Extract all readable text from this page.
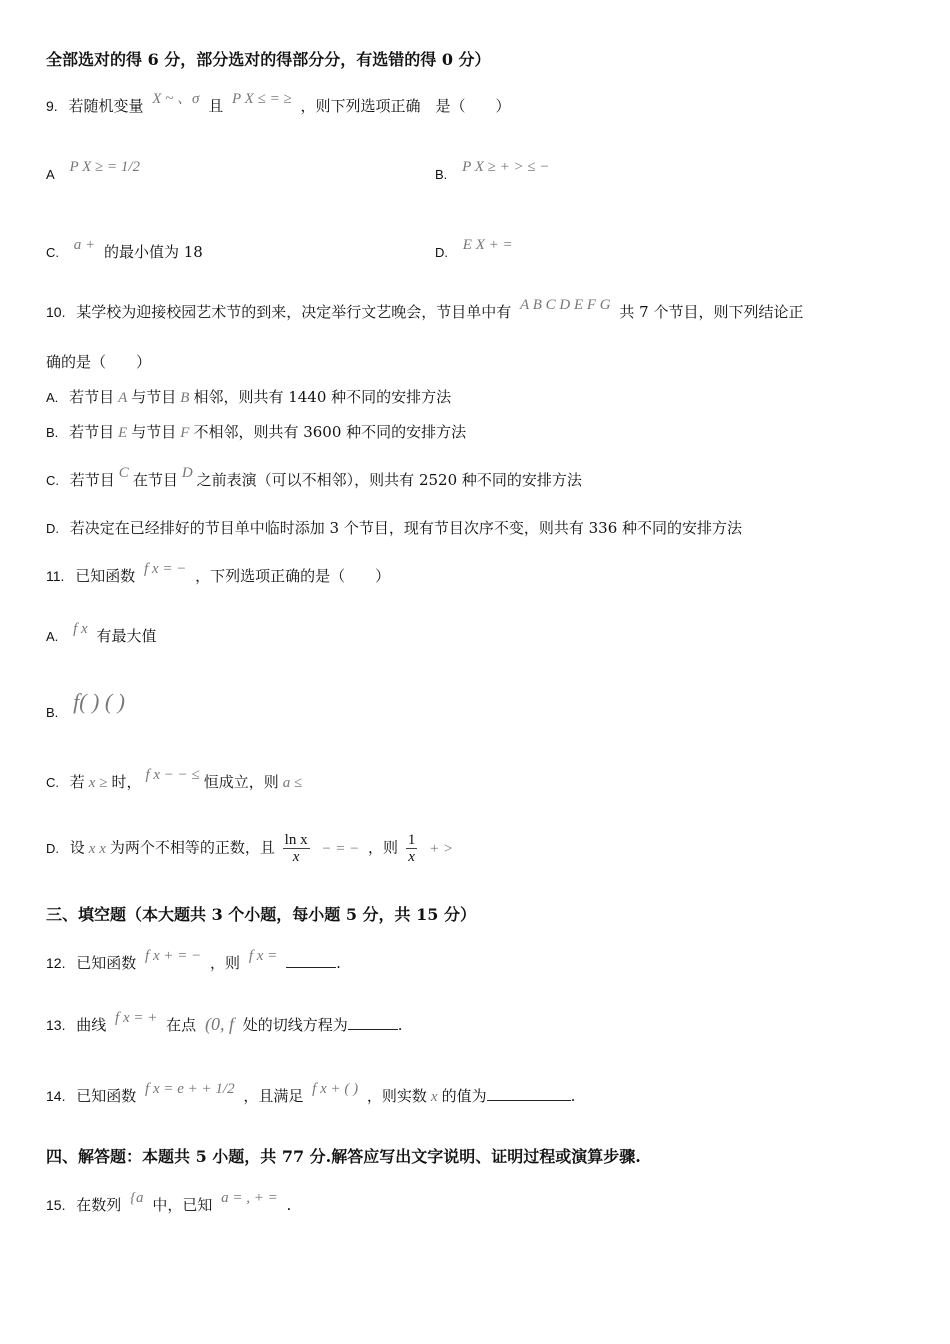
全部选对的得 6 分，部分选对的得部分分，有选错的得 0 分）
9. 若随机变量 X ~ 、σ 且 P X ≤ = ≥ ，则下列选项正确　是（　　）
A P X ≥ = 1/2	B. P X ≥ + > ≤ −
C. a + 的最小值为 18	D. E X + =
10. 某学校为迎接校园艺术节的到来，决定举行文艺晚会，节目单中有 A B C D E F G 共 7 个节目，则下列结论正
确的是（　　）
A. 若节目 A 与节目 B 相邻，则共有 1440 种不同的安排方法
B. 若节目 E 与节目 F 不相邻，则共有 3600 种不同的安排方法
C. 若节目 C 在节目 D 之前表演（可以不相邻），则共有 2520 种不同的安排方法
D. 若决定在已经排好的节目单中临时添加 3 个节目，现有节目次序不变，则共有 336 种不同的安排方法
11. 已知函数 f x = − ，下列选项正确的是（　　）
A. f x 有最大值
B. f( ) ( )
C. 若 x ≥ 时， f x − − ≤ 恒成立，则 a ≤
D. 设 x x 为两个不相等的正数，且 $\frac{\text{ln x}}{x}$ − = − ，则 $\frac{1}{x}$ + >
三、填空题（本大题共 3 个小题，每小题 5 分，共 15 分）
12. 已知函数 f x + = − ，则 f x =	.
13. 曲线 f x = + 在点 (0, f 处的切线方程为	.
14. 已知函数 f x = e + + 1/2 ，且满足 f x + ( ) ，则实数 x 的值为	.
四、解答题：本题共 5 小题，共 77 分.解答应写出文字说明、证明过程或演算步骤.
15. 在数列 {a 中，已知 a = , + = .
